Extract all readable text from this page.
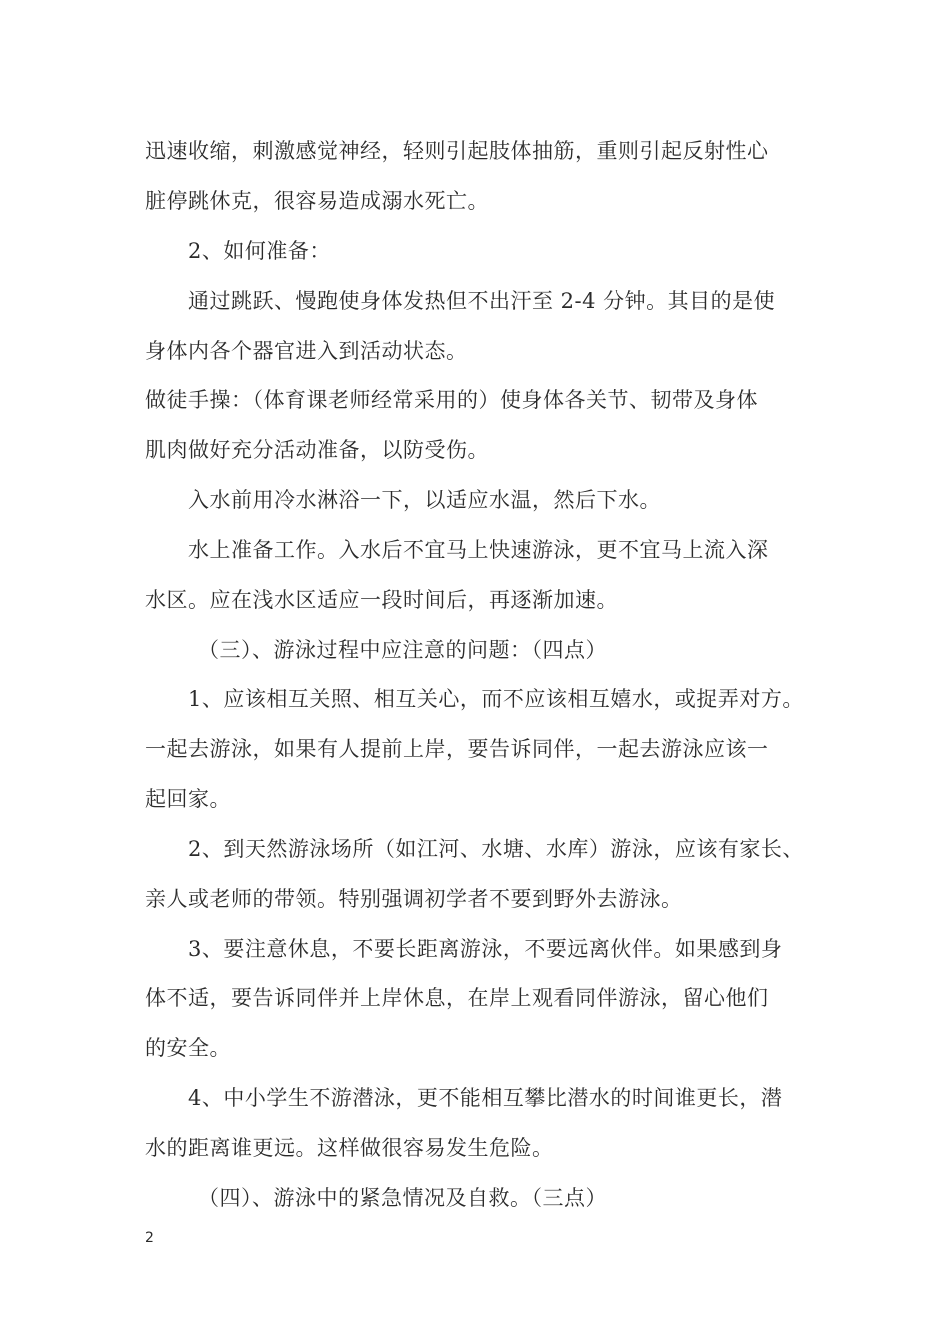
迅速收缩，刺激感觉神经，轻则引起肢体抽筋，重则引起反射性心
脏停跳休克，很容易造成溺水死亡。
2、如何准备：
通过跳跃、慢跑使身体发热但不出汗至 2-4 分钟。其目的是使
身体内各个器官进入到活动状态。
做徒手操：（体育课老师经常采用的）使身体各关节、韧带及身体
肌肉做好充分活动准备，以防受伤。
入水前用冷水淋浴一下，以适应水温，然后下水。
水上准备工作。入水后不宜马上快速游泳，更不宜马上流入深
水区。应在浅水区适应一段时间后，再逐渐加速。
（三）、游泳过程中应注意的问题：（四点）
1、应该相互关照、相互关心，而不应该相互嬉水，或捉弄对方。
一起去游泳，如果有人提前上岸，要告诉同伴，一起去游泳应该一
起回家。
2、到天然游泳场所（如江河、水塘、水库）游泳，应该有家长、
亲人或老师的带领。特别强调初学者不要到野外去游泳。
3、要注意休息，不要长距离游泳，不要远离伙伴。如果感到身
体不适，要告诉同伴并上岸休息，在岸上观看同伴游泳，留心他们
的安全。
4、中小学生不游潜泳，更不能相互攀比潜水的时间谁更长，潜
水的距离谁更远。这样做很容易发生危险。
（四）、游泳中的紧急情况及自救。（三点）
2
